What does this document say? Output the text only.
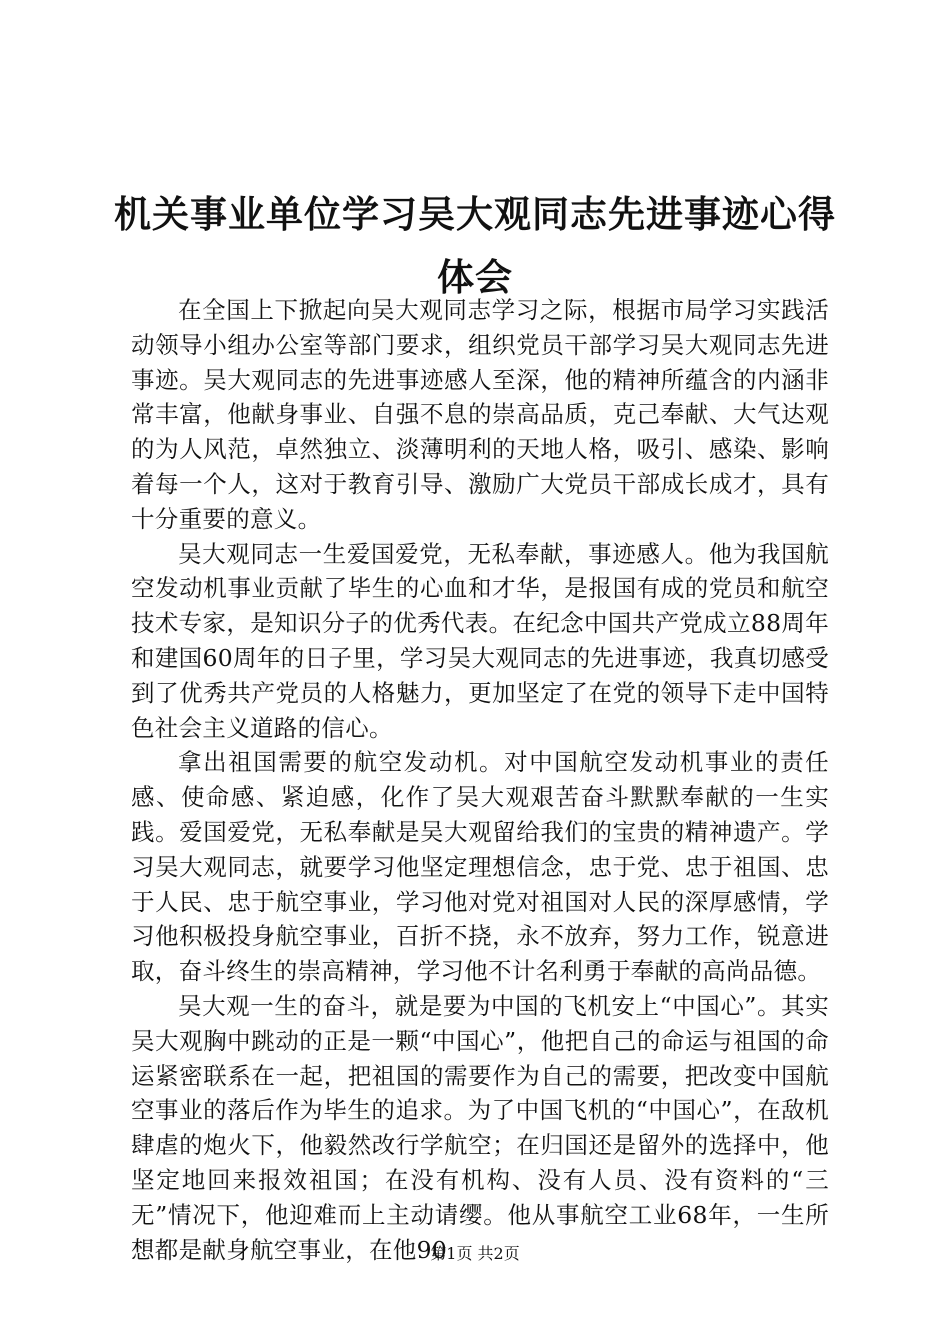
机关事业单位学习吴大观同志先进事迹心得体会

在全国上下掀起向吴大观同志学习之际，根据市局学习实践活动领导小组办公室等部门要求，组织党员干部学习吴大观同志先进事迹。吴大观同志的先进事迹感人至深，他的精神所蕴含的内涵非常丰富，他献身事业、自强不息的崇高品质，克己奉献、大气达观的为人风范，卓然独立、淡薄明利的天地人格，吸引、感染、影响着每一个人，这对于教育引导、激励广大党员干部成长成才，具有十分重要的意义。

吴大观同志一生爱国爱党，无私奉献，事迹感人。他为我国航空发动机事业贡献了毕生的心血和才华，是报国有成的党员和航空技术专家，是知识分子的优秀代表。在纪念中国共产党成立88周年和建国60周年的日子里，学习吴大观同志的先进事迹，我真切感受到了优秀共产党员的人格魅力，更加坚定了在党的领导下走中国特色社会主义道路的信心。

拿出祖国需要的航空发动机。对中国航空发动机事业的责任感、使命感、紧迫感，化作了吴大观艰苦奋斗默默奉献的一生实践。爱国爱党，无私奉献是吴大观留给我们的宝贵的精神遗产。学习吴大观同志，就要学习他坚定理想信念，忠于党、忠于祖国、忠于人民、忠于航空事业，学习他对党对祖国对人民的深厚感情，学习他积极投身航空事业，百折不挠，永不放弃，努力工作，锐意进取，奋斗终生的崇高精神，学习他不计名利勇于奉献的高尚品德。

吴大观一生的奋斗，就是要为中国的飞机安上“中国心”。其实吴大观胸中跳动的正是一颗“中国心”，他把自己的命运与祖国的命运紧密联系在一起，把祖国的需要作为自己的需要，把改变中国航空事业的落后作为毕生的追求。为了中国飞机的“中国心”，在敌机肆虐的炮火下，他毅然改行学航空；在归国还是留外的选择中，他坚定地回来报效祖国；在没有机构、没有人员、没有资料的“三无”情况下，他迎难而上主动请缨。他从事航空工业68年，一生所想都是献身航空事业，在他90

第1页 共2页
